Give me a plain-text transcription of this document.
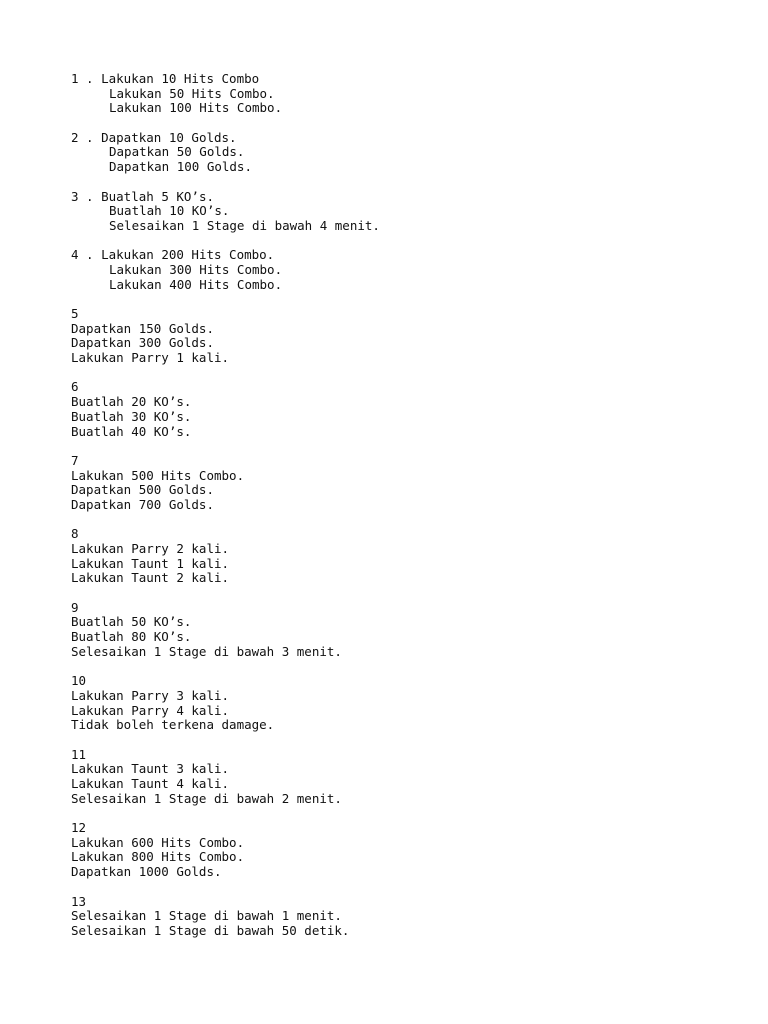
1 . Lakukan 10 Hits Combo
Lakukan 50 Hits Combo.
Lakukan 100 Hits Combo.
2 . Dapatkan 10 Golds.
Dapatkan 50 Golds.
Dapatkan 100 Golds.
3 . Buatlah 5 KO’s.
Buatlah 10 KO’s.
Selesaikan 1 Stage di bawah 4 menit.
4 . Lakukan 200 Hits Combo.
Lakukan 300 Hits Combo.
Lakukan 400 Hits Combo.
5
Dapatkan 150 Golds.
Dapatkan 300 Golds.
Lakukan Parry 1 kali.
6
Buatlah 20 KO’s.
Buatlah 30 KO’s.
Buatlah 40 KO’s.
7
Lakukan 500 Hits Combo.
Dapatkan 500 Golds.
Dapatkan 700 Golds.
8
Lakukan Parry 2 kali.
Lakukan Taunt 1 kali.
Lakukan Taunt 2 kali.
9
Buatlah 50 KO’s.
Buatlah 80 KO’s.
Selesaikan 1 Stage di bawah 3 menit.
10
Lakukan Parry 3 kali.
Lakukan Parry 4 kali.
Tidak boleh terkena damage.
11
Lakukan Taunt 3 kali.
Lakukan Taunt 4 kali.
Selesaikan 1 Stage di bawah 2 menit.
12
Lakukan 600 Hits Combo.
Lakukan 800 Hits Combo.
Dapatkan 1000 Golds.
13
Selesaikan 1 Stage di bawah 1 menit.
Selesaikan 1 Stage di bawah 50 detik.
